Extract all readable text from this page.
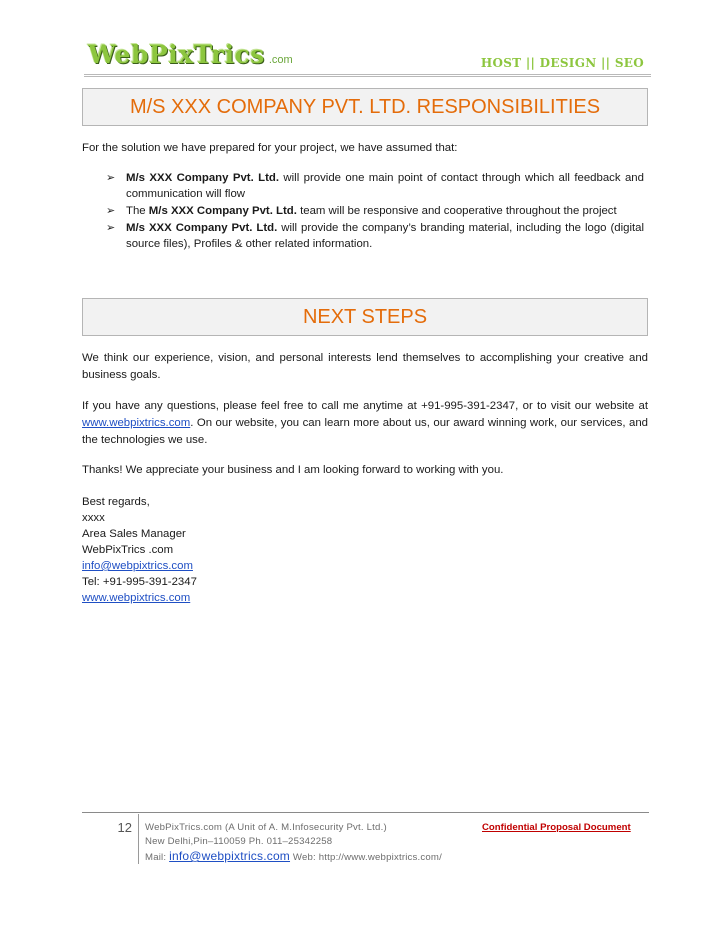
WebPixTrics .com	HOST || DESIGN || SEO
M/S XXX COMPANY PVT. LTD. RESPONSIBILITIES
For the solution we have prepared for your project, we have assumed that:
➢ M/s XXX Company Pvt. Ltd. will provide one main point of contact through which all feedback and communication will flow
➢ The M/s XXX Company Pvt. Ltd. team will be responsive and cooperative throughout the project
➢ M/s XXX Company Pvt. Ltd. will provide the company’s branding material, including the logo (digital source files), Profiles & other related information.
NEXT STEPS
We think our experience, vision, and personal interests lend themselves to accomplishing your creative and business goals.
If you have any questions, please feel free to call me anytime at +91-995-391-2347, or to visit our website at www.webpixtrics.com. On our website, you can learn more about us, our award winning work, our services, and the technologies we use.
Thanks! We appreciate your business and I am looking forward to working with you.
Best regards,
xxxx
Area Sales Manager
WebPixTrics .com
info@webpixtrics.com
Tel: +91-995-391-2347
www.webpixtrics.com
12 WebPixTrics.com (A Unit of A. M.Infosecurity Pvt. Ltd.)
New Delhi,Pin–110059 Ph. 011–25342258
Mail: info@webpixtrics.com Web: http://www.webpixtrics.com/
Confidential Proposal Document
